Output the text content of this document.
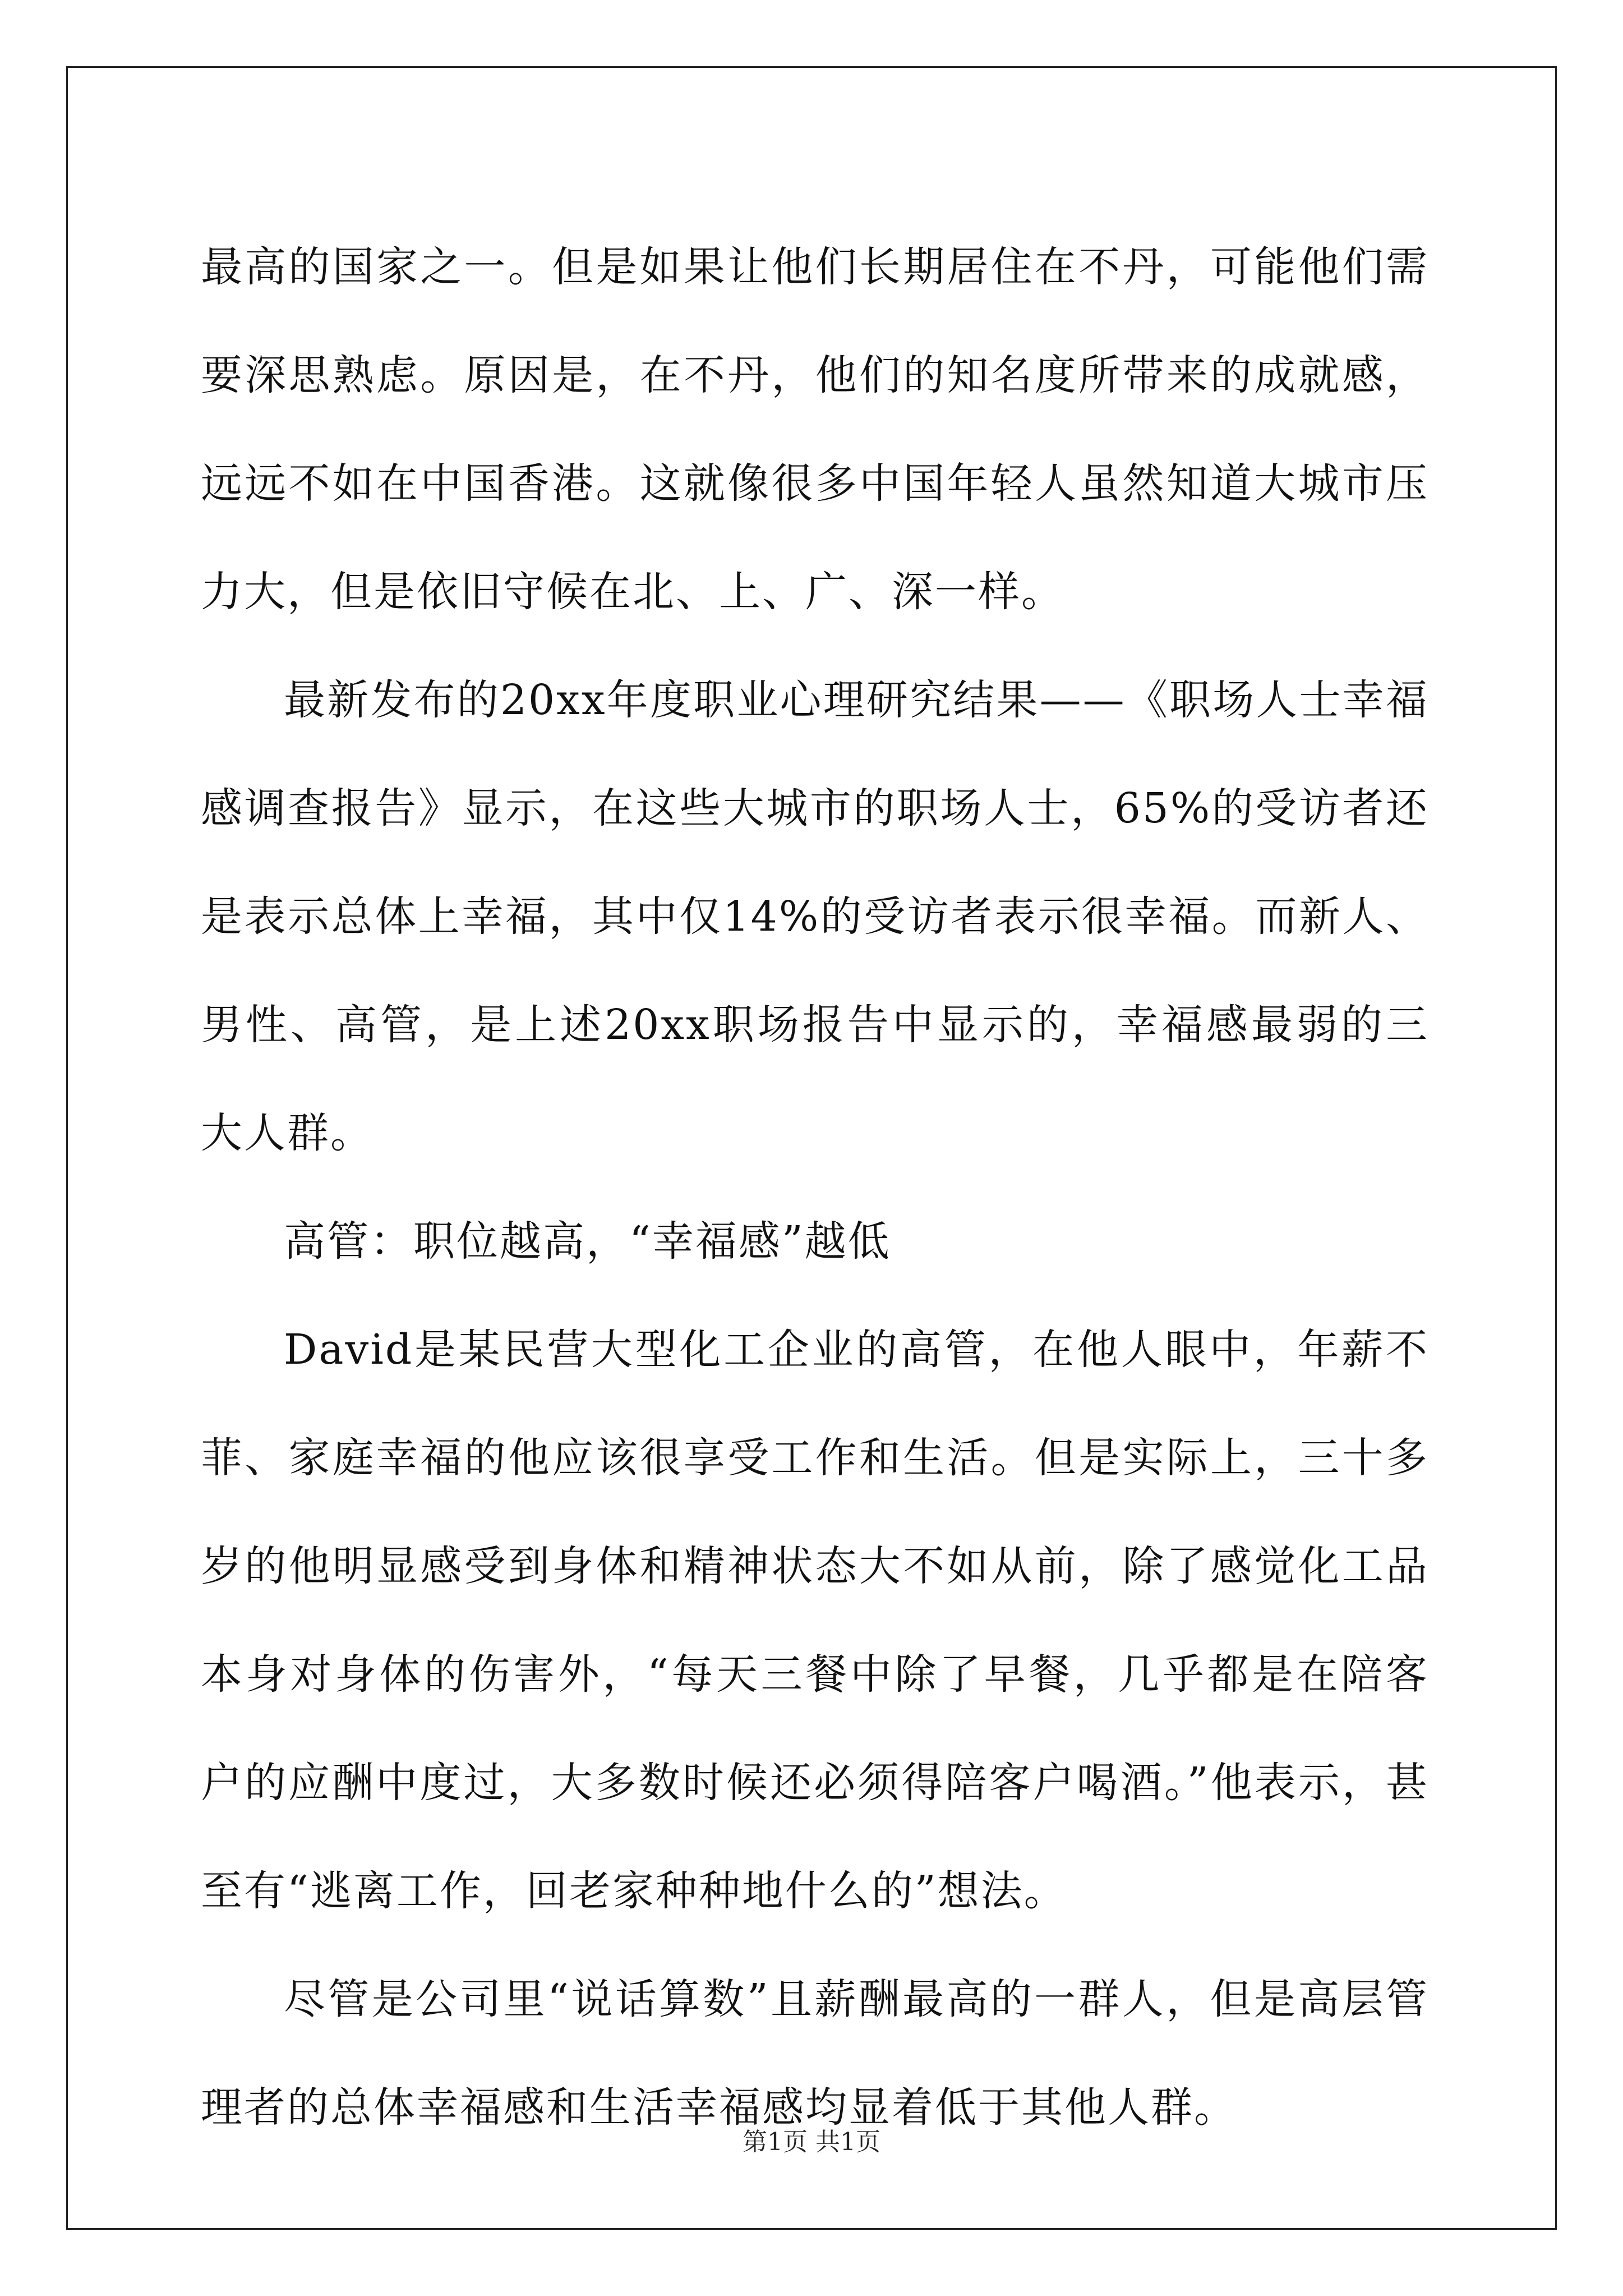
最高的国家之一。但是如果让他们长期居住在不丹，可能他们需要深思熟虑。原因是，在不丹，他们的知名度所带来的成就感，远远不如在中国香港。这就像很多中国年轻人虽然知道大城市压力大，但是依旧守候在北、上、广、深一样。

最新发布的20xx年度职业心理研究结果——《职场人士幸福感调查报告》显示，在这些大城市的职场人士，65%的受访者还是表示总体上幸福，其中仅14%的受访者表示很幸福。而新人、男性、高管，是上述20xx职场报告中显示的，幸福感最弱的三大人群。

高管：职位越高，“幸福感”越低

David是某民营大型化工企业的高管，在他人眼中，年薪不菲、家庭幸福的他应该很享受工作和生活。但是实际上，三十多岁的他明显感受到身体和精神状态大不如从前，除了感觉化工品本身对身体的伤害外，“每天三餐中除了早餐，几乎都是在陪客户的应酬中度过，大多数时候还必须得陪客户喝酒。”他表示，甚至有“逃离工作，回老家种种地什么的”想法。

尽管是公司里“说话算数”且薪酬最高的一群人，但是高层管理者的总体幸福感和生活幸福感均显着低于其他人群。

第1页 共1页
